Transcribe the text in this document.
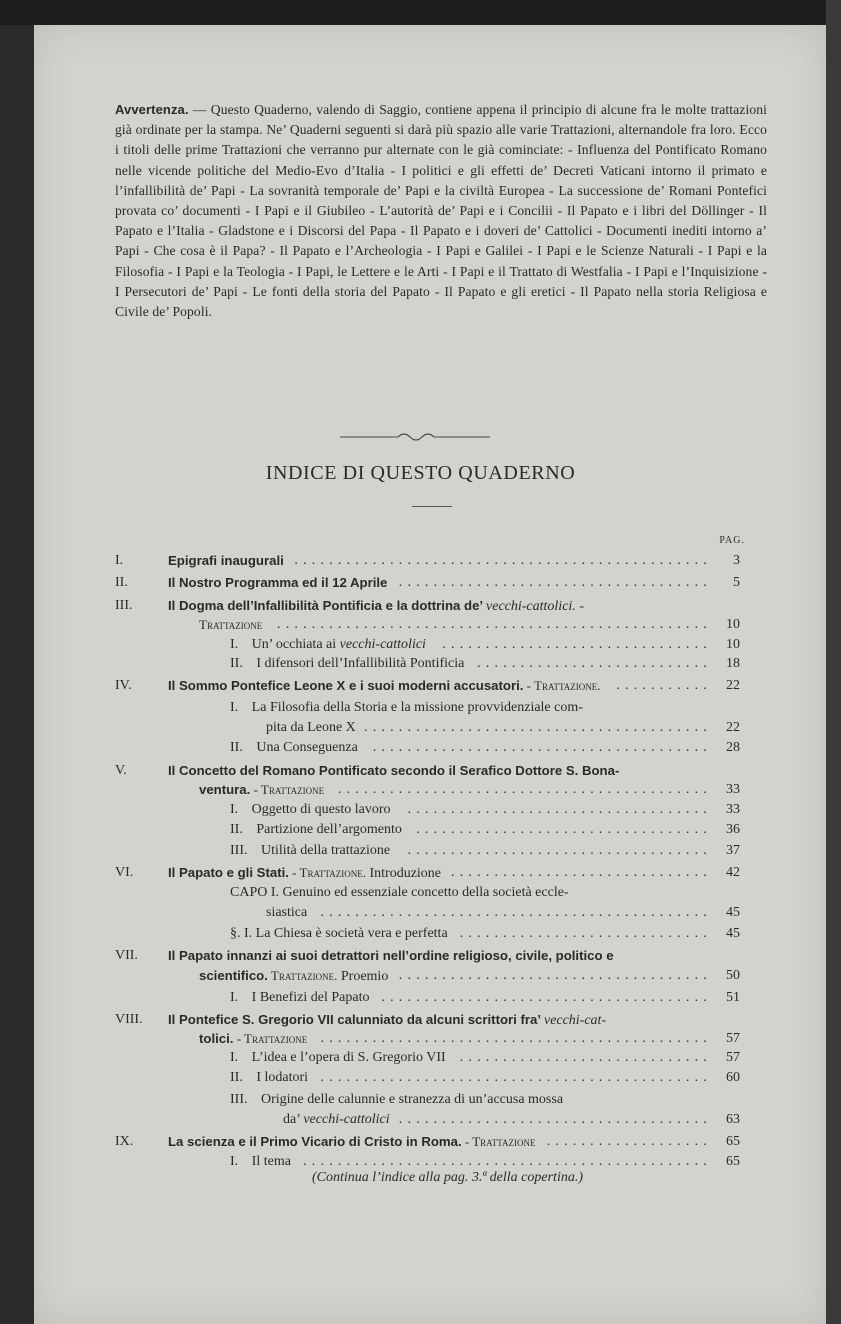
Avvertenza. — Questo Quaderno, valendo di Saggio, contiene appena il principio di alcune fra le molte trattazioni già ordinate per la stampa. Ne’ Quaderni seguenti si darà più spazio alle varie Trattazioni, alternandole fra loro. Ecco i titoli delle prime Trattazioni che verranno pur alternate con le già cominciate: - Influenza del Pontificato Romano nelle vicende politiche del Medio-Evo d’Italia - I politici e gli effetti de’ Decreti Vaticani intorno il primato e l’infallibilità de’ Papi - La sovranità temporale de’ Papi e la civiltà Europea - La successione de’ Romani Pontefici provata co’ documenti - I Papi e il Giubileo - L’autorità de’ Papi e i Concilii - Il Papato e i libri del Döllinger - Il Papato e l’Italia - Gladstone e i Discorsi del Papa - Il Papato e i doveri de’ Cattolici - Documenti inediti intorno a’ Papi - Che cosa è il Papa? - Il Papato e l’Archeologia - I Papi e Galilei - I Papi e le Scienze Naturali - I Papi e la Filosofia - I Papi e la Teologia - I Papi, le Lettere e le Arti - I Papi e il Trattato di Westfalia - I Papi e l’Inquisizione - I Persecutori de’ Papi - Le fonti della storia del Papato - Il Papato e gli eretici - Il Papato nella storia Religiosa e Civile de’ Popoli.
INDICE DI QUESTO QUADERNO
PAG.
I.	Epigrafi inaugurali	3
................................................
II.	Il Nostro Programma ed il 12 Aprile	5
....................................
III.	Il Dogma dell’Infallibilità Pontificia e la dottrina de’ vecchi-cattolici. -
Trattazione	10
..................................................
I. Un’ occhiata ai vecchi-cattolici	10
...............................
II. I difensori dell’Infallibilità Pontificia	18
...........................
IV.	Il Sommo Pontefice Leone X e i suoi moderni accusatori. - Trattazione.	22
...........
I. La Filosofia della Storia e la missione provvidenziale com-
pita da Leone X	22
........................................
II. Una Conseguenza	28
.......................................
V.	Il Concetto del Romano Pontificato secondo il Serafico Dottore S. Bona-
ventura. - Trattazione	33
...........................................
I. Oggetto di questo lavoro	33
...................................
II. Partizione dell’argomento	36
..................................
III. Utilità della trattazione	37
...................................
VI.	Il Papato e gli Stati. - Trattazione. Introduzione	42
..............................
CAPO I. Genuino ed essenziale concetto della società eccle-
siastica	45
.............................................
§. I. La Chiesa è società vera e perfetta	45
.............................
VII. Il Papato innanzi ai suoi detrattori nell’ordine religioso, civile, politico e
scientifico. Trattazione. Proemio	50
....................................
I. I Benefizi del Papato	51
......................................
VIII. Il Pontefice S. Gregorio VII calunniato da alcuni scrittori fra’ vecchi-cat-
tolici. - Trattazione	57
.............................................
I. L’idea e l’opera di S. Gregorio VII	57
.............................
II. I lodatori	60
.............................................
III. Origine delle calunnie e stranezza di un’accusa mossa
da’ vecchi-cattolici	63
....................................
IX.	La scienza e il Primo Vicario di Cristo in Roma. - Trattazione	65
...................
I. Il tema	65
...............................................
(Continua l’indice alla pag. 3.ª della copertina.)
